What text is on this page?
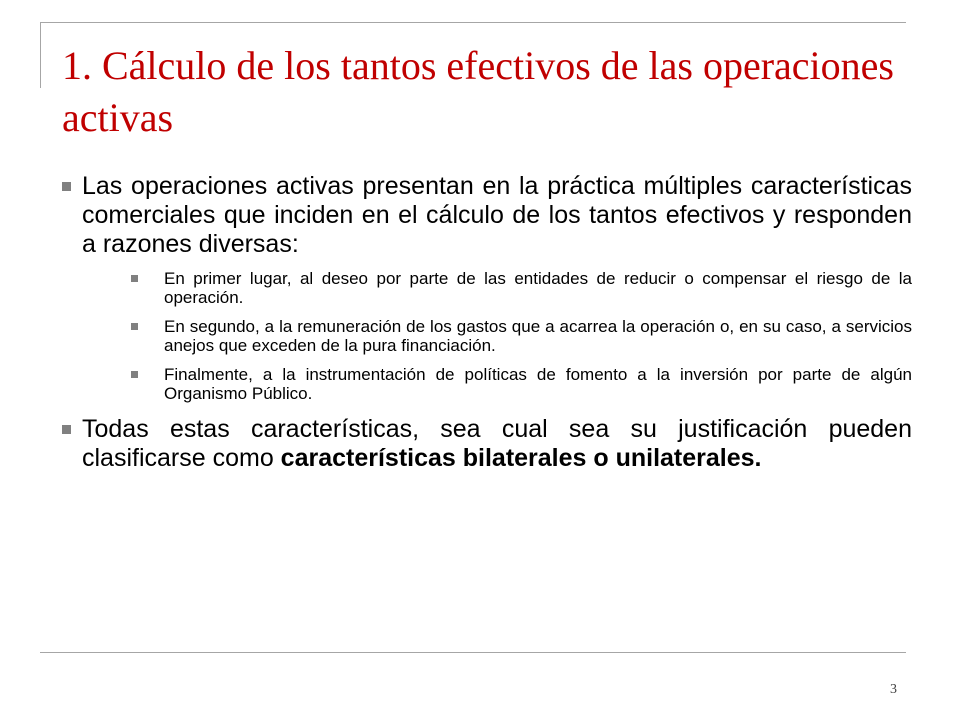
1. Cálculo de los tantos efectivos de las operaciones activas
Las operaciones activas presentan en la práctica múltiples características comerciales que inciden en el cálculo de los tantos efectivos y responden a razones diversas:
En primer lugar, al deseo por parte de las entidades de reducir o compensar el riesgo de la operación.
En segundo, a la remuneración de los gastos que a acarrea la operación o, en su caso, a servicios anejos que exceden de la pura financiación.
Finalmente, a la instrumentación de políticas de fomento a la inversión por parte de algún Organismo Público.
Todas estas características, sea cual sea su justificación pueden clasificarse como características bilaterales o unilaterales.
3
